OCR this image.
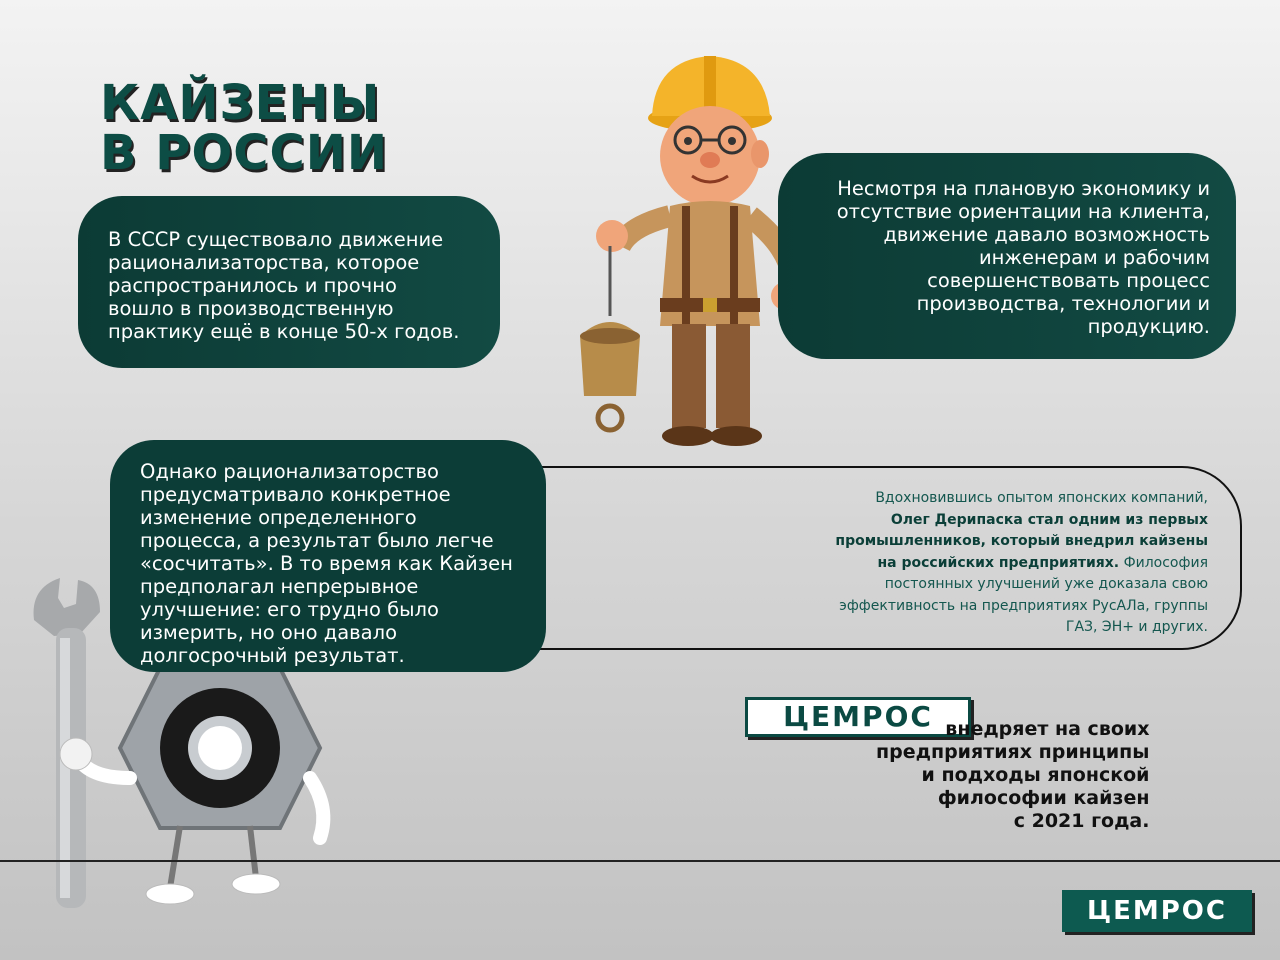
КАЙЗЕНЫ
В РОССИИ
В СССР существовало движение
рационализаторства, которое
распространилось и прочно
вошло в производственную
практику ещё в конце 50-х годов.
Несмотря на плановую экономику и
отсутствие ориентации на клиента,
движение давало возможность
инженерам и рабочим
совершенствовать процесс
производства, технологии и
продукцию.
Вдохновившись опытом японских компаний,
Олег Дерипаска стал одним из первых
промышленников, который внедрил кайзены
на российских предприятиях. Философия
постоянных улучшений уже доказала свою
эффективность на предприятиях РусАЛа, группы
ГАЗ, ЭН+ и других.
Однако рационализаторство
предусматривало конкретное
изменение определенного
процесса, а результат было легче
«сосчитать». В то время как Кайзен
предполагал непрерывное
улучшение: его трудно было
измерить, но оно давало
долгосрочный результат.
ЦЕМРОС внедряет на своих
предприятиях принципы
и подходы японской
философии кайзен
с 2021 года.
ЦЕМРОС
